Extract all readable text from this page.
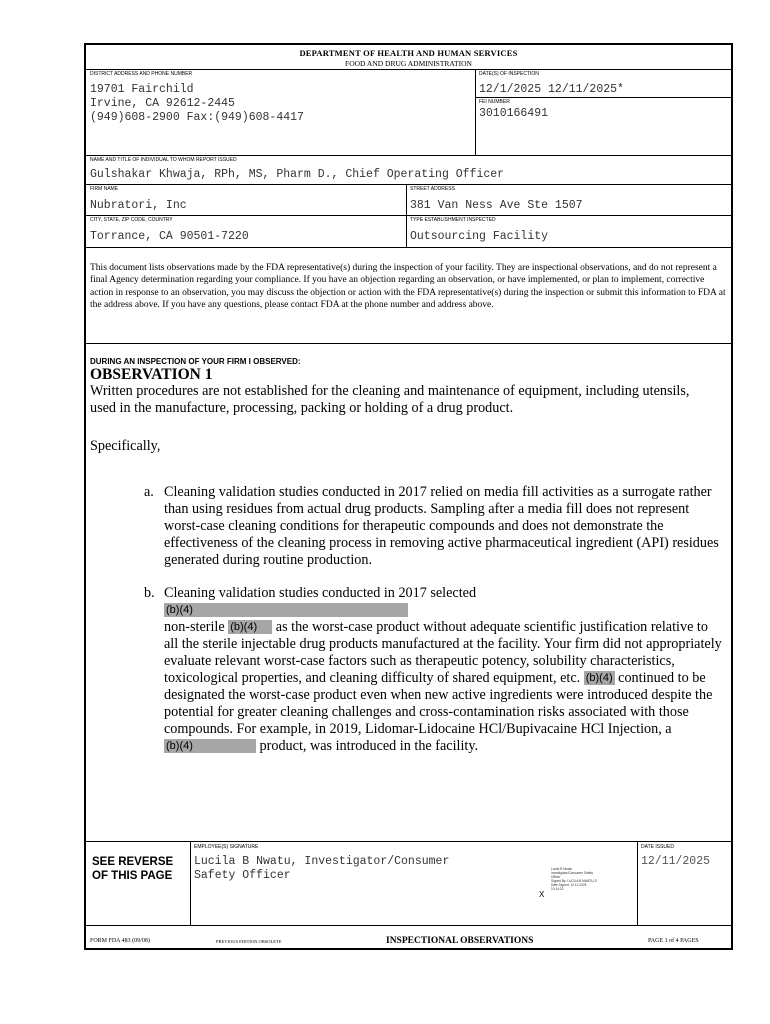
DEPARTMENT OF HEALTH AND HUMAN SERVICES
FOOD AND DRUG ADMINISTRATION
DISTRICT ADDRESS AND PHONE NUMBER
19701 Fairchild
Irvine, CA 92612-2445
(949)608-2900 Fax:(949)608-4417
DATE(S) OF INSPECTION
12/1/2025 12/11/2025*
FEI NUMBER
3010166491
NAME AND TITLE OF INDIVIDUAL TO WHOM REPORT ISSUED
Gulshakar Khwaja, RPh, MS, Pharm D., Chief Operating Officer
FIRM NAME
Nubratori, Inc
STREET ADDRESS
381 Van Ness Ave Ste 1507
CITY, STATE, ZIP CODE, COUNTRY
Torrance, CA 90501-7220
TYPE ESTABLISHMENT INSPECTED
Outsourcing Facility
This document lists observations made by the FDA representative(s) during the inspection of your facility. They are inspectional observations, and do not represent a final Agency determination regarding your compliance. If you have an objection regarding an observation, or have implemented, or plan to implement, corrective action in response to an observation, you may discuss the objection or action with the FDA representative(s) during the inspection or submit this information to FDA at the address above. If you have any questions, please contact FDA at the phone number and address above.
DURING AN INSPECTION OF YOUR FIRM I OBSERVED:
OBSERVATION 1
Written procedures are not established for the cleaning and maintenance of equipment, including utensils, used in the manufacture, processing, packing or holding of a drug product.
Specifically,
a. Cleaning validation studies conducted in 2017 relied on media fill activities as a surrogate rather than using residues from actual drug products. Sampling after a media fill does not represent worst-case cleaning conditions for therapeutic compounds and does not demonstrate the effectiveness of the cleaning process in removing active pharmaceutical ingredient (API) residues generated during routine production.
b. Cleaning validation studies conducted in 2017 selected (b)(4)
non-sterile (b)(4) as the worst-case product without adequate scientific justification relative to all the sterile injectable drug products manufactured at the facility. Your firm did not appropriately evaluate relevant worst-case factors such as therapeutic potency, solubility characteristics, toxicological properties, and cleaning difficulty of shared equipment, etc. (b)(4) continued to be designated the worst-case product even when new active ingredients were introduced despite the potential for greater cleaning challenges and cross-contamination risks associated with those compounds. For example, in 2019, Lidomar-Lidocaine HCl/Bupivacaine HCl Injection, a (b)(4)	product, was introduced in the facility.
SEE REVERSE
OF THIS PAGE
EMPLOYEE(S) SIGNATURE
Lucila B Nwatu, Investigator/Consumer
Safety Officer	Lucila B Nwatu
Investigator/Consumer Safety
Officer
Signed By: LUCILA B NWATU-S
Date Signed: 12-11-2025
10:14:23
X
DATE ISSUED
12/11/2025
FORM FDA 483 (09/08)	PREVIOUS EDITION OBSOLETE	INSPECTIONAL OBSERVATIONS	PAGE 1 of 4 PAGES
